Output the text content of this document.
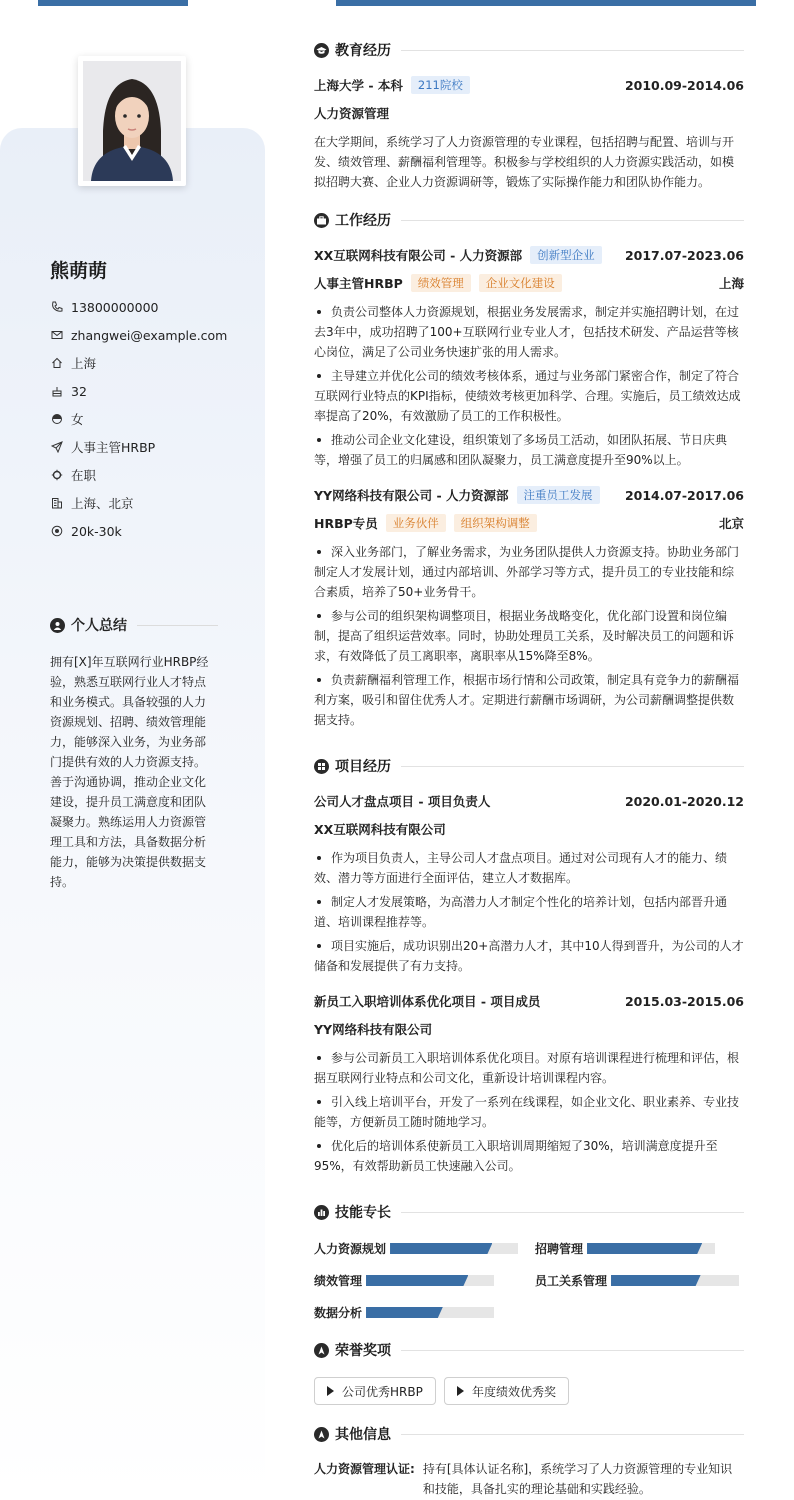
熊萌萌
13800000000
zhangwei@example.com
上海
32
女
人事主管HRBP
在职
上海、北京
20k-30k
个人总结
拥有[X]年互联网行业HRBP经验，熟悉互联网行业人才特点和业务模式。具备较强的人力资源规划、招聘、绩效管理能力，能够深入业务，为业务部门提供有效的人力资源支持。善于沟通协调，推动企业文化建设，提升员工满意度和团队凝聚力。熟练运用人力资源管理工具和方法，具备数据分析能力，能够为决策提供数据支持。
教育经历
上海大学 - 本科	211院校	2010.09-2014.06
人力资源管理
在大学期间，系统学习了人力资源管理的专业课程，包括招聘与配置、培训与开发、绩效管理、薪酬福利管理等。积极参与学校组织的人力资源实践活动，如模拟招聘大赛、企业人力资源调研等，锻炼了实际操作能力和团队协作能力。
工作经历
XX互联网科技有限公司 - 人力资源部	创新型企业	2017.07-2023.06
人事主管HRBP	绩效管理	企业文化建设	上海
负责公司整体人力资源规划，根据业务发展需求，制定并实施招聘计划，在过去3年中，成功招聘了100+互联网行业专业人才，包括技术研发、产品运营等核心岗位，满足了公司业务快速扩张的用人需求。
主导建立并优化公司的绩效考核体系，通过与业务部门紧密合作，制定了符合互联网行业特点的KPI指标，使绩效考核更加科学、合理。实施后，员工绩效达成率提高了20%，有效激励了员工的工作积极性。
推动公司企业文化建设，组织策划了多场员工活动，如团队拓展、节日庆典等，增强了员工的归属感和团队凝聚力，员工满意度提升至90%以上。
YY网络科技有限公司 - 人力资源部	注重员工发展	2014.07-2017.06
HRBP专员	业务伙伴	组织架构调整	北京
深入业务部门，了解业务需求，为业务团队提供人力资源支持。协助业务部门制定人才发展计划，通过内部培训、外部学习等方式，提升员工的专业技能和综合素质，培养了50+业务骨干。
参与公司的组织架构调整项目，根据业务战略变化，优化部门设置和岗位编制，提高了组织运营效率。同时，协助处理员工关系，及时解决员工的问题和诉求，有效降低了员工离职率，离职率从15%降至8%。
负责薪酬福利管理工作，根据市场行情和公司政策，制定具有竞争力的薪酬福利方案，吸引和留住优秀人才。定期进行薪酬市场调研，为公司薪酬调整提供数据支持。
项目经历
公司人才盘点项目 - 项目负责人	2020.01-2020.12
XX互联网科技有限公司
作为项目负责人，主导公司人才盘点项目。通过对公司现有人才的能力、绩效、潜力等方面进行全面评估，建立人才数据库。
制定人才发展策略，为高潜力人才制定个性化的培养计划，包括内部晋升通道、培训课程推荐等。
项目实施后，成功识别出20+高潜力人才，其中10人得到晋升，为公司的人才储备和发展提供了有力支持。
新员工入职培训体系优化项目 - 项目成员	2015.03-2015.06
YY网络科技有限公司
参与公司新员工入职培训体系优化项目。对原有培训课程进行梳理和评估，根据互联网行业特点和公司文化，重新设计培训课程内容。
引入线上培训平台，开发了一系列在线课程，如企业文化、职业素养、专业技能等，方便新员工随时随地学习。
优化后的培训体系使新员工入职培训周期缩短了30%，培训满意度提升至95%，有效帮助新员工快速融入公司。
技能专长
人力资源规划	招聘管理
绩效管理	员工关系管理
数据分析
荣誉奖项
公司优秀HRBP	年度绩效优秀奖
其他信息
人力资源管理认证: 持有[具体认证名称]，系统学习了人力资源管理的专业知识和技能，具备扎实的理论基础和实践经验。
